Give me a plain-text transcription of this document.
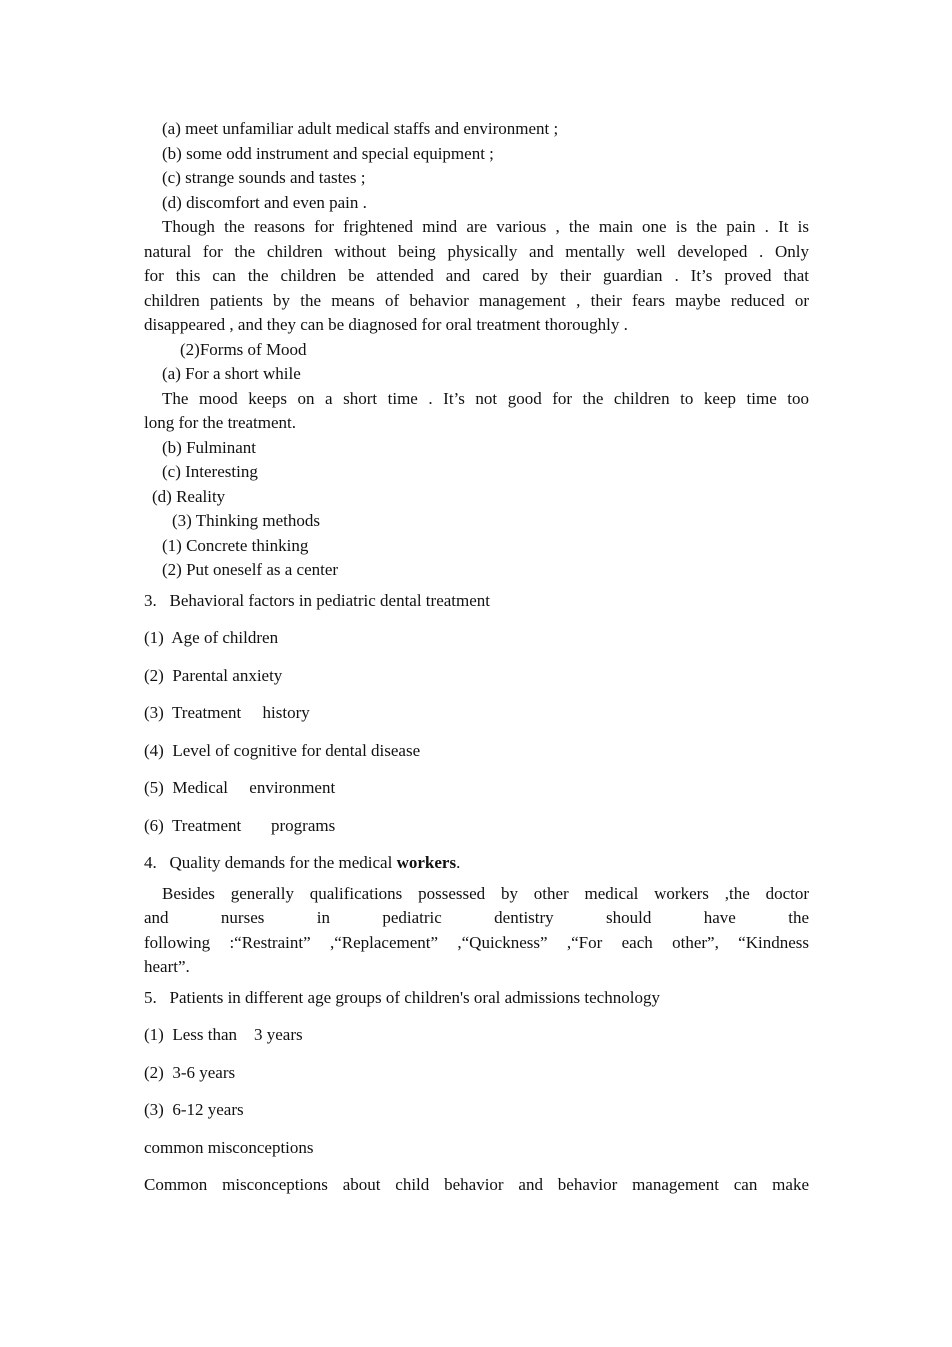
(a) meet unfamiliar adult medical staffs and environment ;
(b) some odd instrument and special equipment ;
(c) strange sounds and tastes ;
(d) discomfort and even pain .
Though the reasons for frightened mind are various , the main one is the pain . It is
natural for the children without being physically and mentally well developed . Only
for this can the children be attended and cared by their guardian . It’s proved that
children patients by the means of behavior management , their fears maybe reduced or
disappeared , and they can be diagnosed for oral treatment thoroughly .
(2)Forms of Mood
(a) For a short while
The mood keeps on a short time . It’s not good for the children to keep time too
long for the treatment.
(b) Fulminant
(c) Interesting
(d) Reality
(3) Thinking methods
(1) Concrete thinking
(2) Put oneself as a center
3.   Behavioral factors in pediatric dental treatment
(1)  Age of children
(2)  Parental anxiety
(3)  Treatment     history
(4)  Level of cognitive for dental disease
(5)  Medical     environment
(6)  Treatment       programs
4.   Quality demands for the medical workers.
Besides generally qualifications possessed by other medical workers ,the doctor
and nurses in pediatric dentistry should have the
following :“Restraint” ,“Replacement” ,“Quickness” ,“For each other”, “Kindness
heart”.
5.   Patients in different age groups of children's oral admissions technology
(1)  Less than    3 years
(2)  3-6 years
(3)  6-12 years
common misconceptions
Common misconceptions about child behavior and behavior management can make
